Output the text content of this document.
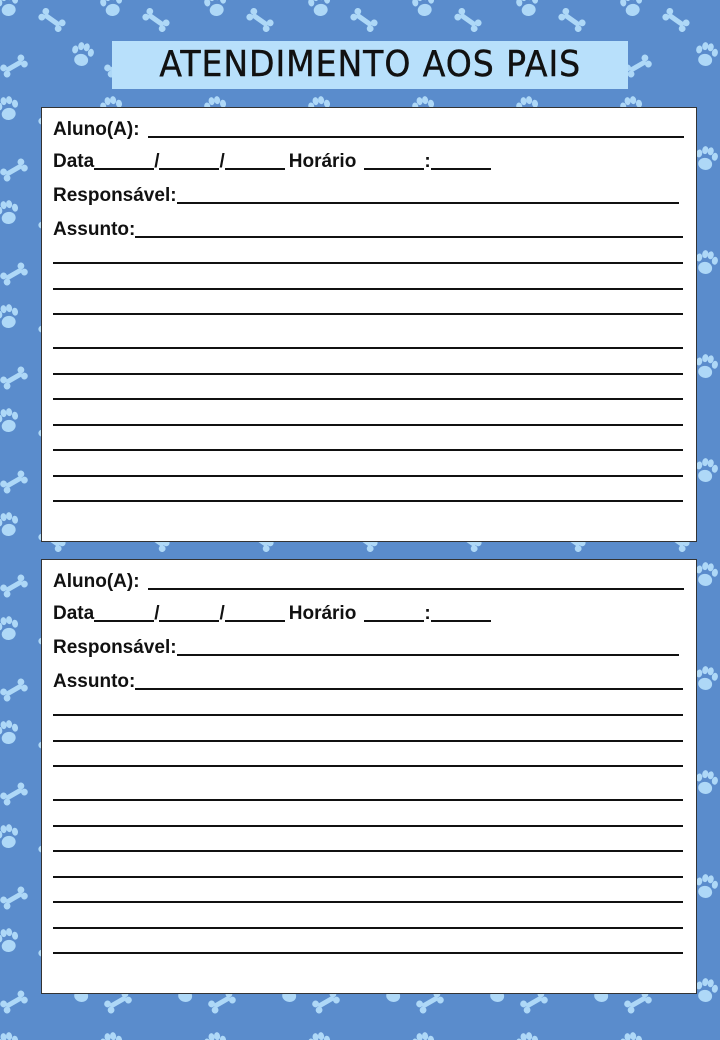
ATENDIMENTO AOS PAIS
Aluno(A):
Data	/	/	Horário	:
Responsável:
Assunto:
Aluno(A):
Data	/	/	Horário	:
Responsável:
Assunto:
